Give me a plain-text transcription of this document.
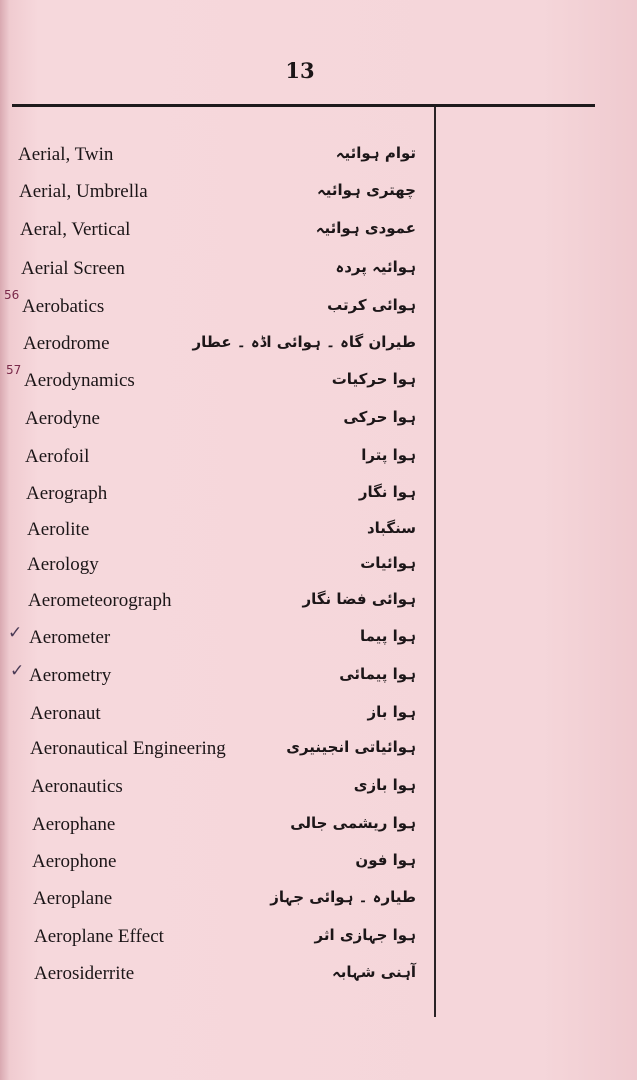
13
Aerial, Twin	توام ہوائیہ
Aerial, Umbrella	چھتری ہوائیہ
Aeral, Vertical	عمودی ہوائیہ
Aerial Screen	ہوائیہ پردہ
Aerobatics	ہوائی کرتب
Aerodrome	طیران گاہ ۔ ہوائی اڈہ ۔ عطار
Aerodynamics	ہوا حرکیات
Aerodyne	ہوا حرکی
Aerofoil	ہوا پترا
Aerograph	ہوا نگار
Aerolite	سنگباد
Aerology	ہوائیات
Aerometeorograph	ہوائی فضا نگار
Aerometer	ہوا پیما
Aerometry	ہوا پیمائی
Aeronaut	ہوا باز
Aeronautical Engineering	ہوائیاتی انجینیری
Aeronautics	ہوا بازی
Aerophane	ہوا ریشمی جالی
Aerophone	ہوا فون
Aeroplane	طیارہ ۔ ہوائی جہاز
Aeroplane Effect	ہوا جہازی اثر
Aerosiderrite	آہنی شہابہ
56
57
✓
✓
